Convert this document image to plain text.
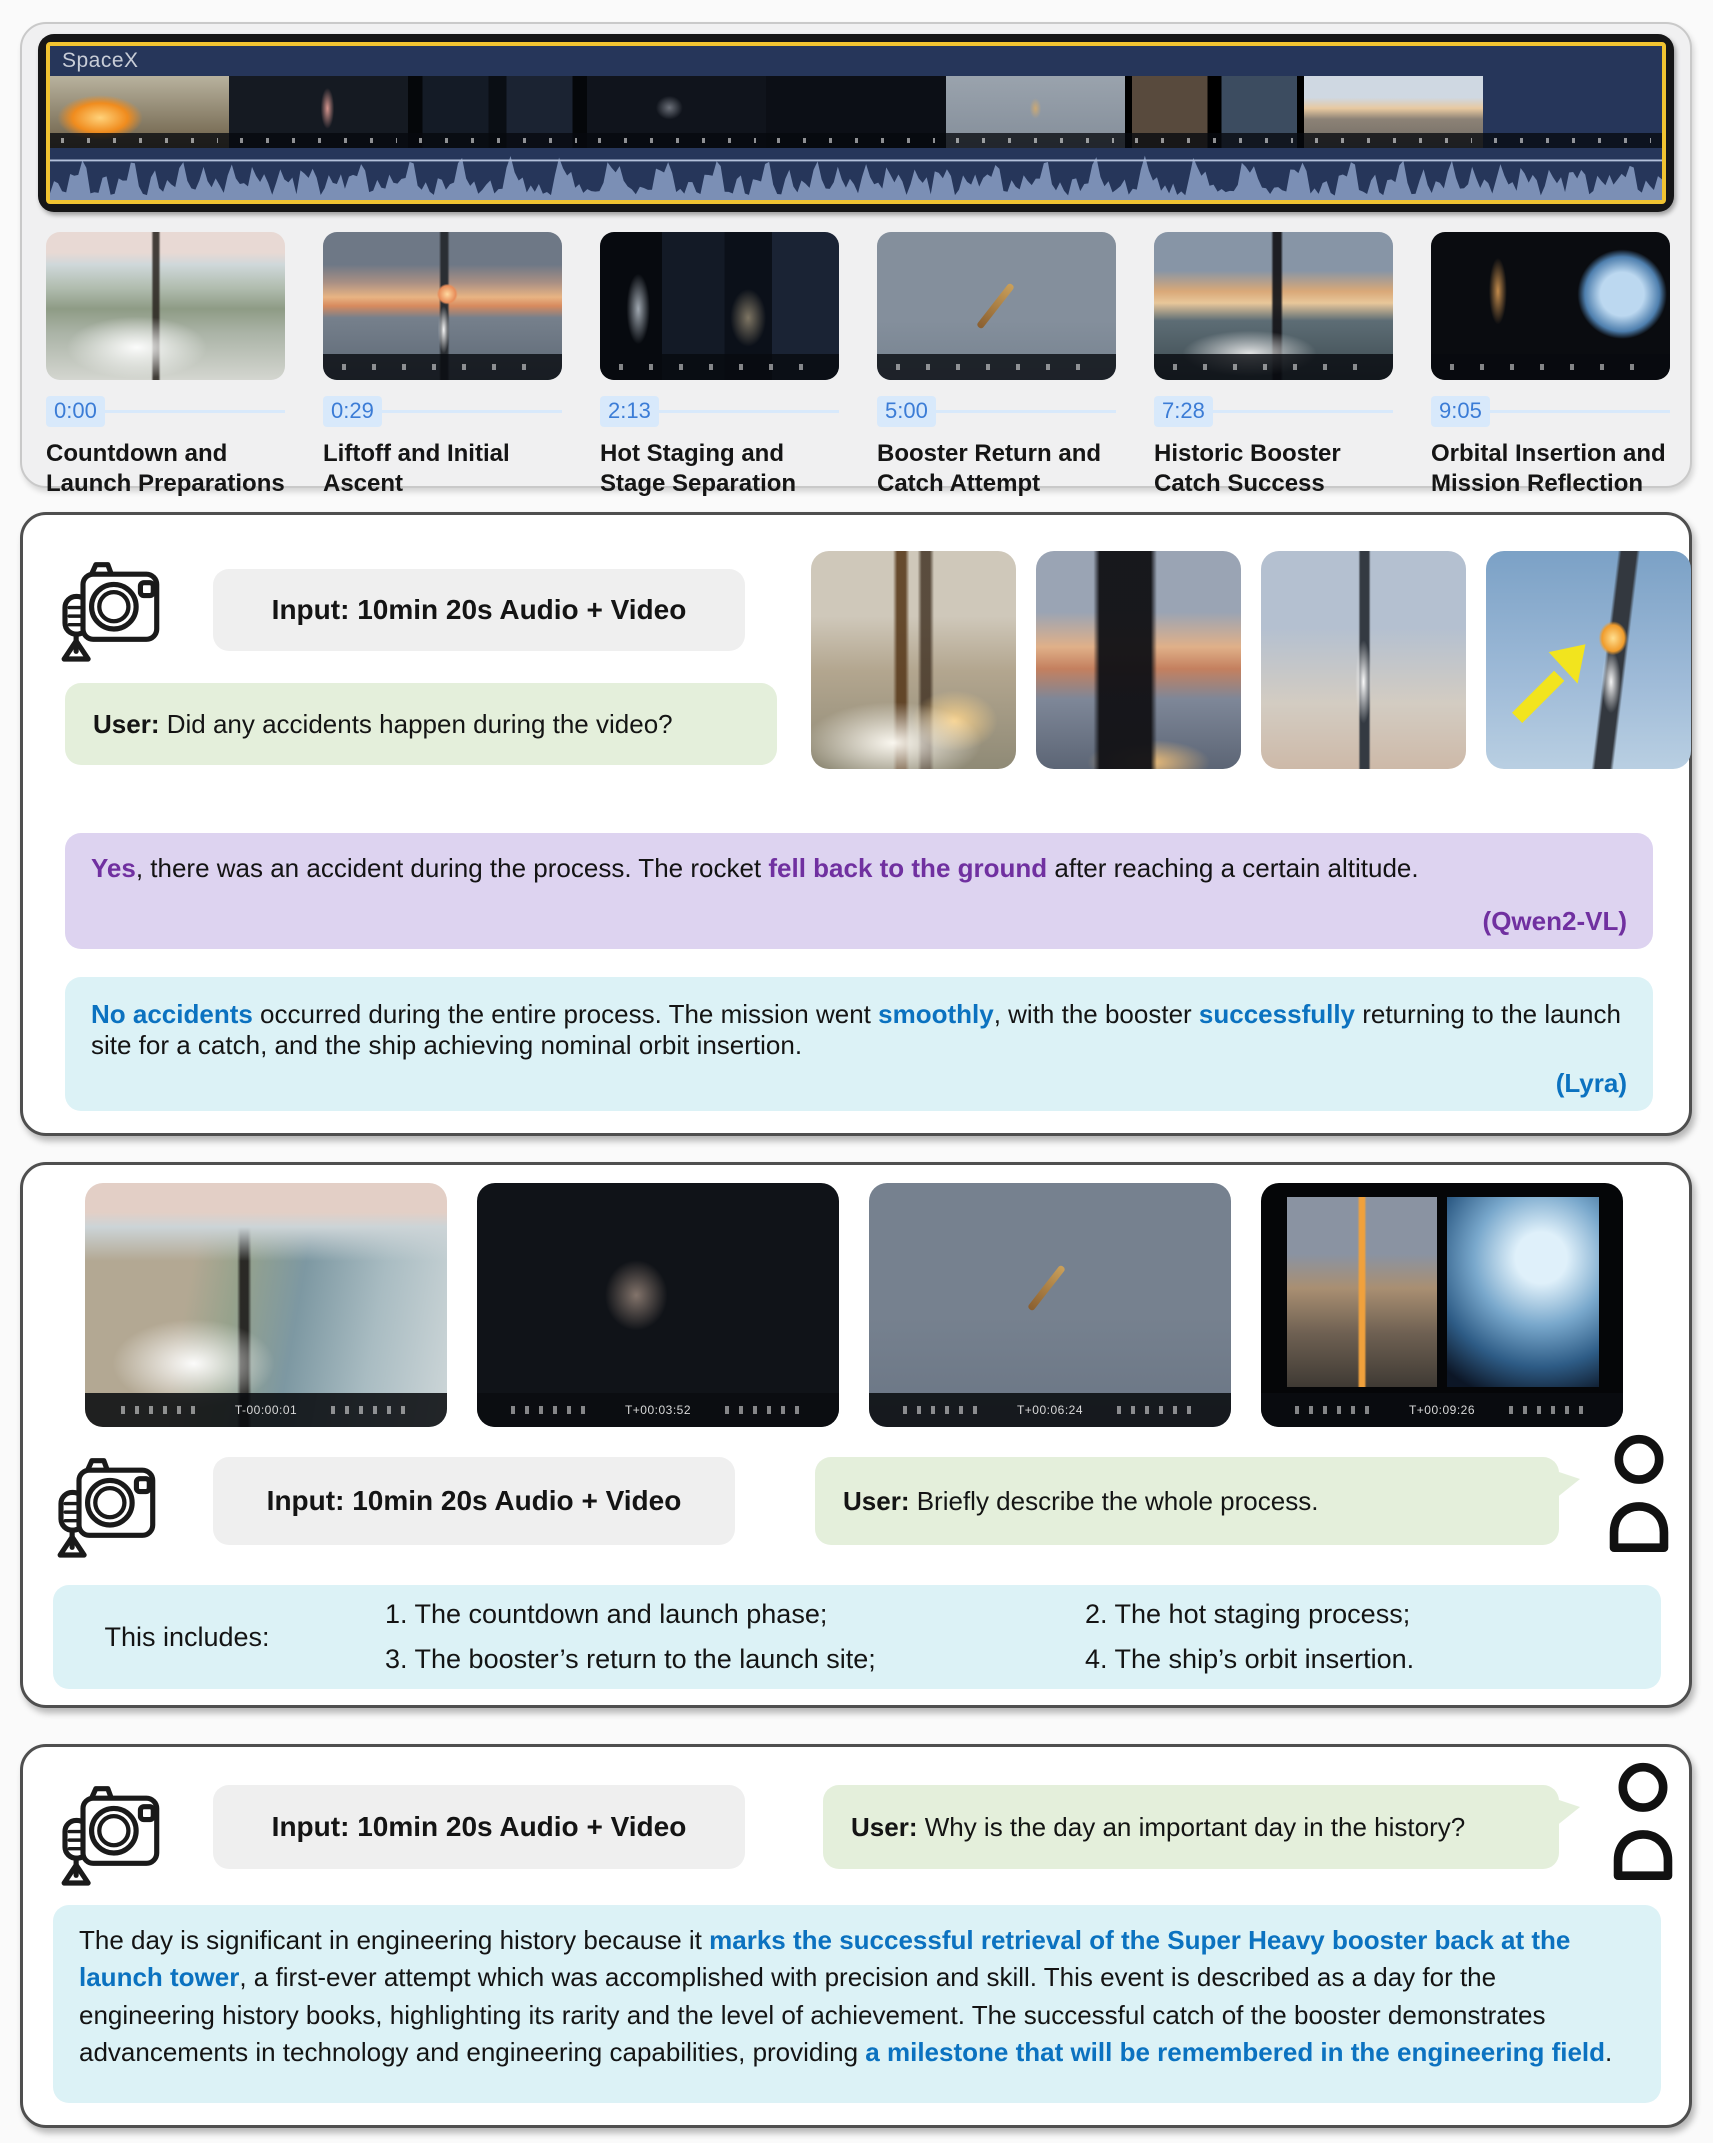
SpaceX
0:00
Countdown and Launch Preparations
0:29
Liftoff and Initial Ascent
2:13
Hot Staging and Stage Separation
5:00
Booster Return and Catch Attempt
7:28
Historic Booster Catch Success
9:05
Orbital Insertion and Mission Reflection
Input: 10min 20s Audio + Video
User: Did any accidents happen during the video?
Yes, there was an accident during the process. The rocket fell back to the ground after reaching a certain altitude.
(Qwen2-VL)
No accidents occurred during the entire process. The mission went smoothly, with the booster successfully returning to the launch site for a catch, and the ship achieving nominal orbit insertion.
(Lyra)
T-00:00:01	T+00:03:52	T+00:06:24	T+00:09:26
Input: 10min 20s Audio + Video	User: Briefly describe the whole process.
This includes:
1. The countdown and launch phase;
3. The booster’s return to the launch site;
2. The hot staging process;
4. The ship’s orbit insertion.
Input: 10min 20s Audio + Video	User: Why is the day an important day in the history?
The day is significant in engineering history because it marks the successful retrieval of the Super Heavy booster back at the launch tower, a first-ever attempt which was accomplished with precision and skill. This event is described as a day for the engineering history books, highlighting its rarity and the level of achievement. The successful catch of the booster demonstrates advancements in technology and engineering capabilities, providing a milestone that will be remembered in the engineering field.
